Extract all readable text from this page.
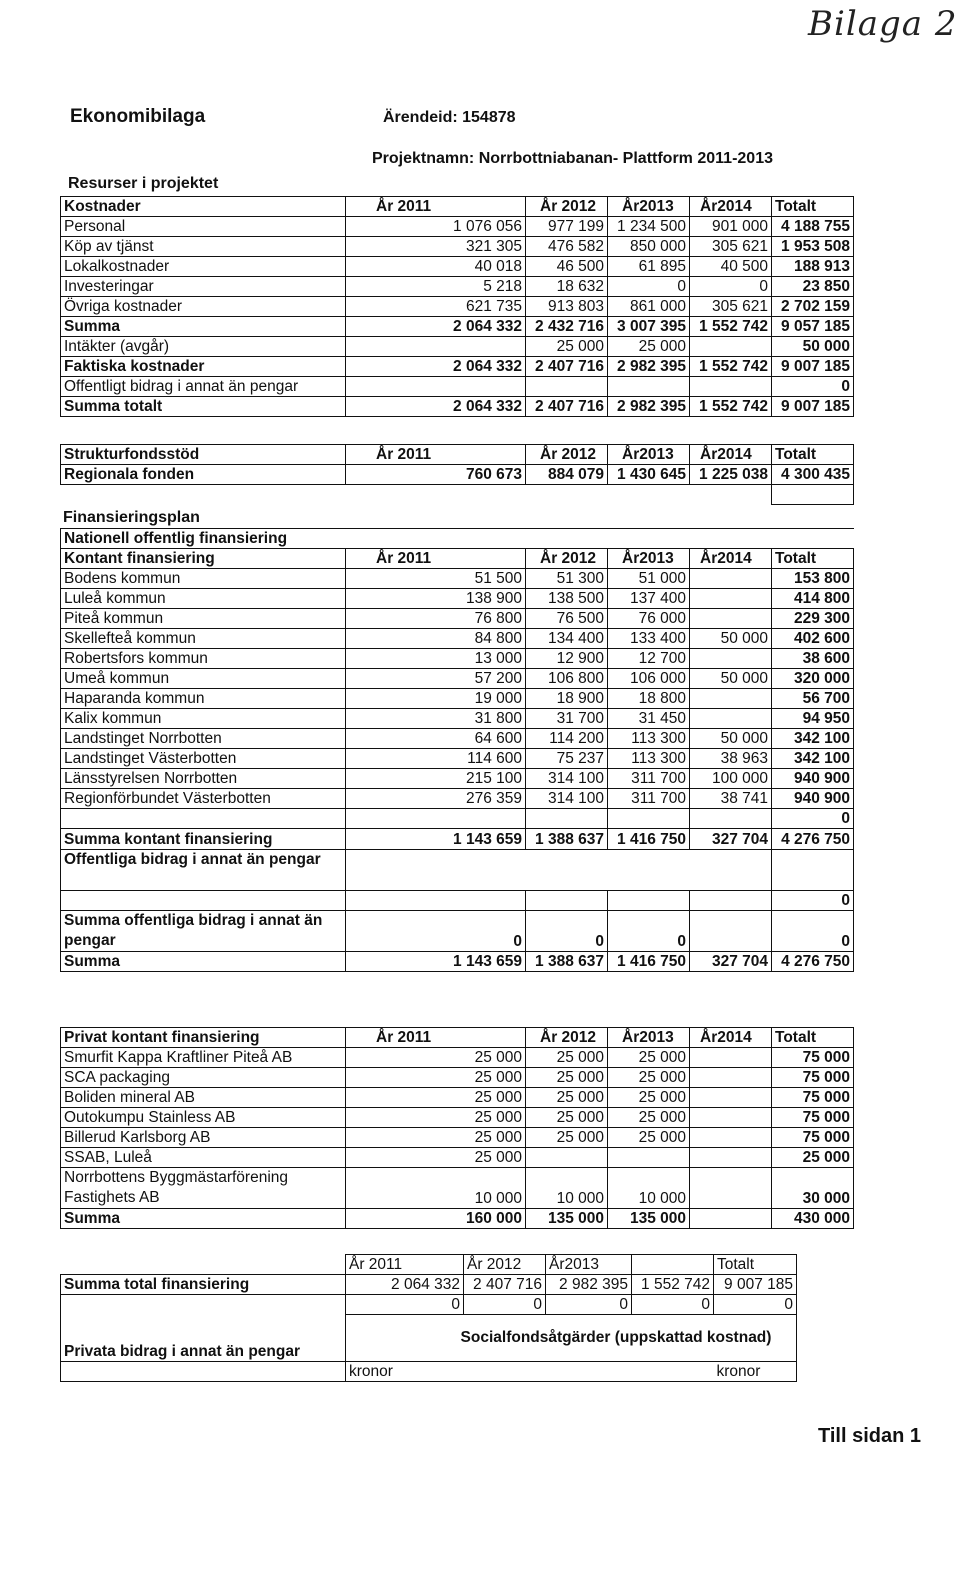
Bilaga 2
Ekonomibilaga	Ärendeid: 154878
Projektnamn: Norrbottniabanan- Plattform 2011-2013
Resurser i projektet
Kostnader	År 2011	År 2012	År2013	År2014	Totalt
Personal	1 076 056	977 199	1 234 500	901 000	4 188 755
Köp av tjänst	321 305	476 582	850 000	305 621	1 953 508
Lokalkostnader	40 018	46 500	61 895	40 500	188 913
Investeringar	5 218	18 632	0	0	23 850
Övriga kostnader	621 735	913 803	861 000	305 621	2 702 159
Summa	2 064 332	2 432 716	3 007 395	1 552 742	9 057 185
Intäkter (avgår)		25 000	25 000		50 000
Faktiska kostnader	2 064 332	2 407 716	2 982 395	1 552 742	9 007 185
Offentligt bidrag i annat än pengar					0
Summa totalt	2 064 332	2 407 716	2 982 395	1 552 742	9 007 185
Strukturfondsstöd	År 2011	År 2012	År2013	År2014	Totalt
Regionala fonden	760 673	884 079	1 430 645	1 225 038	4 300 435

Finansieringsplan
Nationell offentlig finansiering					
Kontant finansiering	År 2011	År 2012	År2013	År2014	Totalt
Bodens kommun	51 500	51 300	51 000		153 800
Luleå kommun	138 900	138 500	137 400		414 800
Piteå kommun	76 800	76 500	76 000		229 300
Skellefteå kommun	84 800	134 400	133 400	50 000	402 600
Robertsfors kommun	13 000	12 900	12 700		38 600
Umeå kommun	57 200	106 800	106 000	50 000	320 000
Haparanda kommun	19 000	18 900	18 800		56 700
Kalix kommun	31 800	31 700	31 450		94 950
Landstinget Norrbotten	64 600	114 200	113 300	50 000	342 100
Landstinget Västerbotten	114 600	75 237	113 300	38 963	342 100
Länsstyrelsen Norrbotten	215 100	314 100	311 700	100 000	940 900
Regionförbundet Västerbotten	276 359	314 100	311 700	38 741	940 900
					0
Summa kontant finansiering	1 143 659	1 388 637	1 416 750	327 704	4 276 750
Offentliga bidrag i annat än pengar					
					0
Summa offentliga bidrag i annat än pengar	0	0	0		0
Summa	1 143 659	1 388 637	1 416 750	327 704	4 276 750
Privat kontant finansiering	År 2011	År 2012	År2013	År2014	Totalt
Smurfit Kappa Kraftliner Piteå AB	25 000	25 000	25 000		75 000
SCA packaging	25 000	25 000	25 000		75 000
Boliden mineral AB	25 000	25 000	25 000		75 000
Outokumpu Stainless AB	25 000	25 000	25 000		75 000
Billerud Karlsborg AB	25 000	25 000	25 000		75 000
SSAB, Luleå	25 000				25 000
Norrbottens Byggmästarförening Fastighets AB	10 000	10 000	10 000		30 000
Summa	160 000	135 000	135 000		430 000
	År 2011	År 2012	År2013		Totalt
Summa total finansiering	2 064 332	2 407 716	2 982 395	1 552 742	9 007 185
	0	0	0	0	0
Privata bidrag i annat än pengar	Socialfondsåtgärder (uppskattad kostnad)				
	kronor				kronor
Till sidan 1
